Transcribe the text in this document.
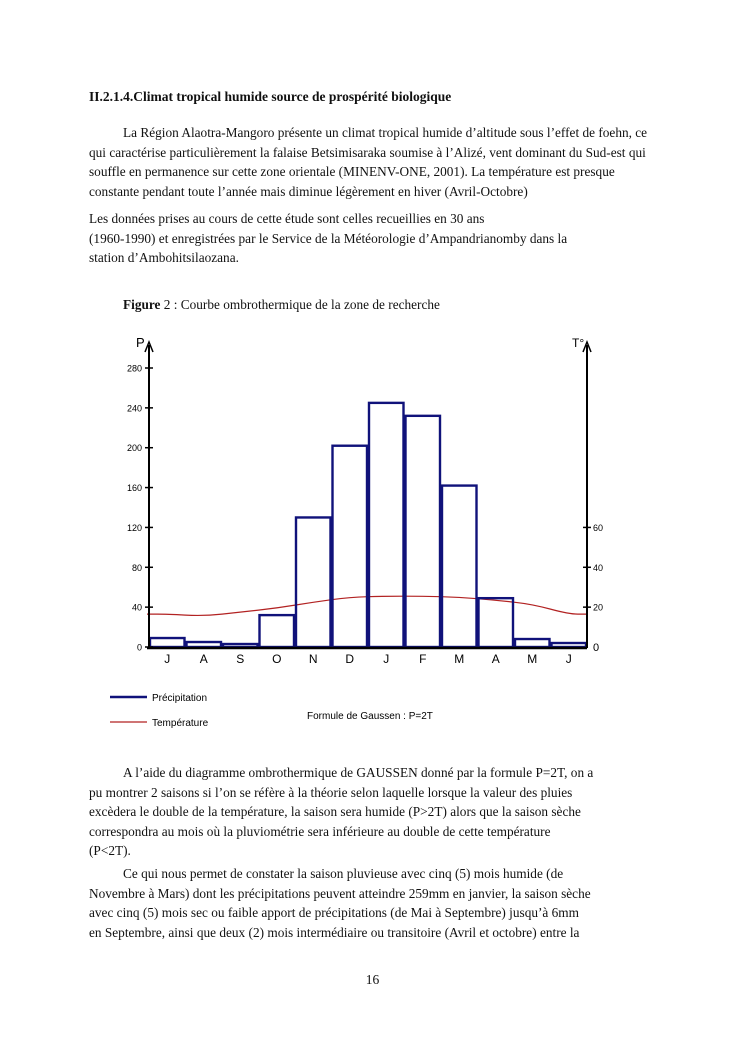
II.2.1.4.Climat tropical humide source de prospérité biologique
La Région Alaotra-Mangoro présente un climat tropical humide d’altitude sous l’effet de foehn, ce
qui caractérise particulièrement la falaise Betsimisaraka soumise à l’Alizé, vent dominant du Sud-est qui
souffle en permanence sur cette zone orientale (MINENV-ONE, 2001). La température est presque
constante pendant toute l’année mais diminue légèrement en hiver (Avril-Octobre)
Les données prises au cours de cette étude sont celles recueillies en 30 ans
(1960-1990) et enregistrées par le Service de la Météorologie d’Ampandrianomby dans la
station d’Ambohitsilaozana.
Figure 2 : Courbe ombrothermique de la zone de recherche
P	T°
0
40
80
120
160
200
240
280
20
40
60
0
J A S O N D J F M A M J
Précipitation
Température
Formule de Gaussen : P=2T
A l’aide du diagramme ombrothermique de GAUSSEN donné par la formule P=2T, on a
pu montrer 2 saisons si l’on se réfère à la théorie selon laquelle lorsque la valeur des pluies
excèdera le double de la température, la saison sera humide (P>2T) alors que la saison sèche
correspondra au mois où la pluviométrie sera inférieure au double de cette température
(P<2T).
Ce qui nous permet de constater la saison pluvieuse avec cinq (5) mois humide (de
Novembre à Mars) dont les précipitations peuvent atteindre 259mm en janvier, la saison sèche
avec cinq (5) mois sec ou faible apport de précipitations (de Mai à Septembre) jusqu’à 6mm
en Septembre, ainsi que deux (2) mois intermédiaire ou transitoire (Avril et octobre) entre la
16
